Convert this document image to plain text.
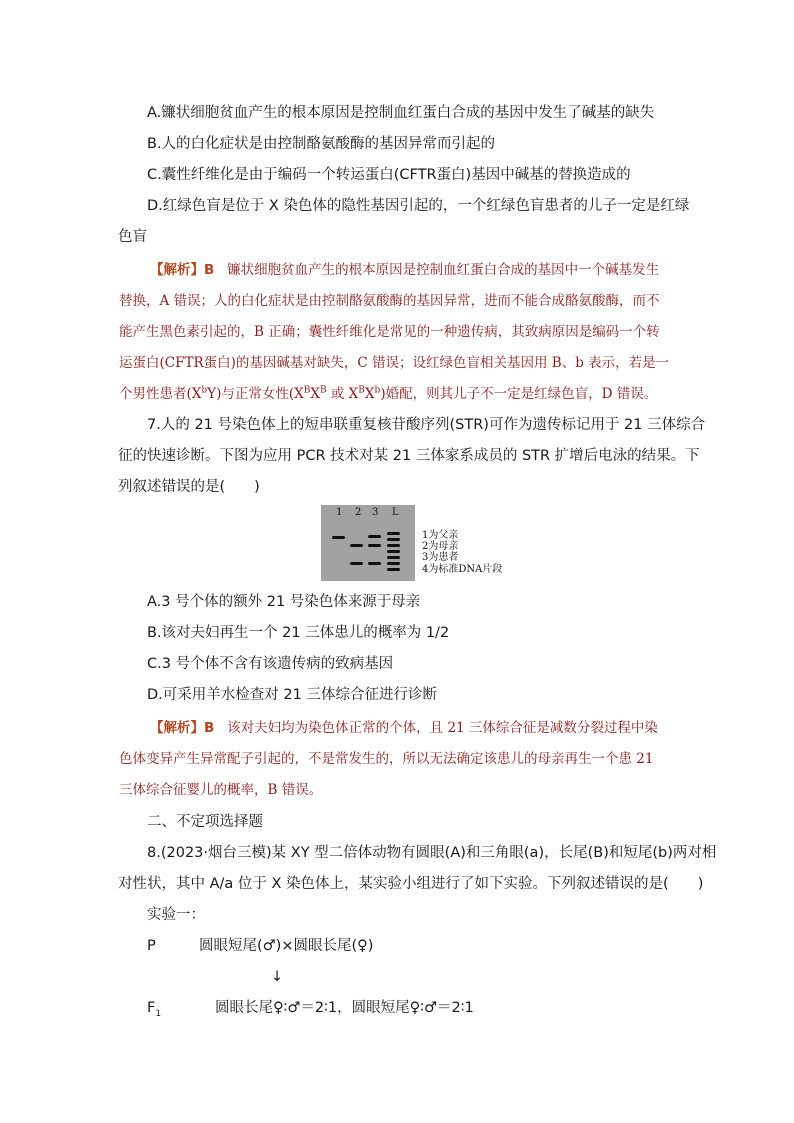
A.镰状细胞贫血产生的根本原因是控制血红蛋白合成的基因中发生了碱基的缺失
B.人的白化症状是由控制酪氨酸酶的基因异常而引起的
C.囊性纤维化是由于编码一个转运蛋白(CFTR蛋白)基因中碱基的替换造成的
D.红绿色盲是位于 X 染色体的隐性基因引起的，一个红绿色盲患者的儿子一定是红绿
色盲
【解析】B 镰状细胞贫血产生的根本原因是控制血红蛋白合成的基因中一个碱基发生
替换，A 错误；人的白化症状是由控制酪氨酸酶的基因异常，进而不能合成酪氨酸酶，而不
能产生黑色素引起的，B 正确；囊性纤维化是常见的一种遗传病，其致病原因是编码一个转
运蛋白(CFTR蛋白)的基因碱基对缺失，C 错误；设红绿色盲相关基因用 B、b 表示，若是一
个男性患者$(X^bY)$与正常女性($X^BX^B$ 或 $X^BX^b$)婚配，则其儿子不一定是红绿色盲，D 错误。
7.人的 21 号染色体上的短串联重复核苷酸序列(STR)可作为遗传标记用于 21 三体综合
征的快速诊断。下图为应用 PCR 技术对某 21 三体家系成员的 STR 扩增后电泳的结果。下
列叙述错误的是(　　)
1 2 3 L
1为父亲
2为母亲
3为患者
4为标准DNA片段
A.3 号个体的额外 21 号染色体来源于母亲
B.该对夫妇再生一个 21 三体患儿的概率为 1/2
C.3 号个体不含有该遗传病的致病基因
D.可采用羊水检查对 21 三体综合征进行诊断
【解析】B 该对夫妇均为染色体正常的个体，且 21 三体综合征是减数分裂过程中染
色体变异产生异常配子引起的，不是常发生的，所以无法确定该患儿的母亲再生一个患 21
三体综合征婴儿的概率，B 错误。
二、不定项选择题
8.(2023·烟台三模)某 XY 型二倍体动物有圆眼(A)和三角眼(a)，长尾(B)和短尾(b)两对相
对性状，其中 A/a 位于 X 染色体上，某实验小组进行了如下实验。下列叙述错误的是(　　)
实验一：
P	圆眼短尾(♂)×圆眼长尾(♀)
↓
$F_1$	圆眼长尾♀∶♂＝2∶1，圆眼短尾♀∶♂＝2∶1
